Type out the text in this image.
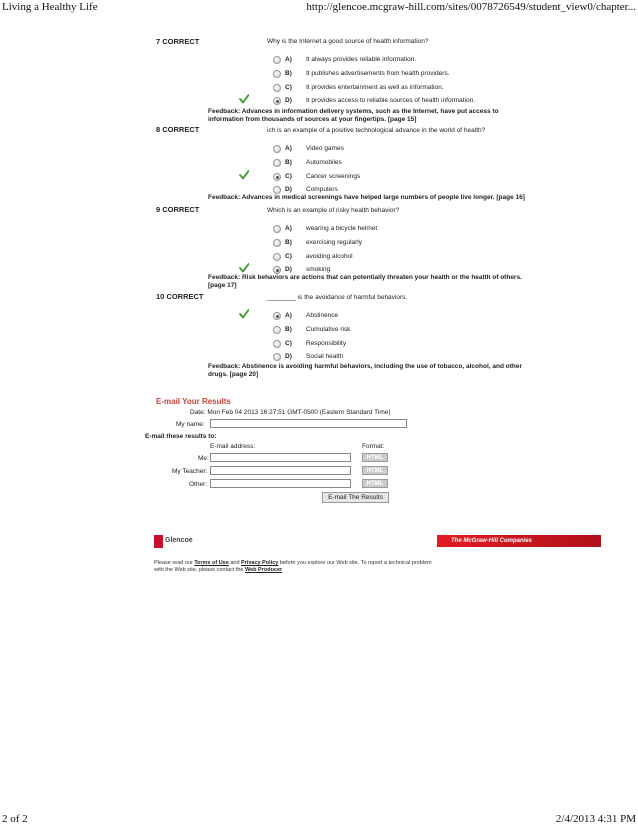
Living a Healthy Life	http://glencoe.mcgraw-hill.com/sites/0078726549/student_view0/chapter...
7 CORRECT	Why is the Internet a good source of health information?
A) It always provides reliable information.
B) It publishes advertisements from health providers.
C) It provides entertainment as well as information.
D) It provides access to reliable sources of health information.
Feedback: Advances in information delivery systems, such as the Internet, have put access to information from thousands of sources at your fingertips. [page 15]
8 CORRECT	ich is an example of a positive technological advance in the world of health?
A) Video games
B) Automobiles
C) Cancer screenings
D) Computers
Feedback: Advances in medical screenings have helped large numbers of people live longer. [page 16]
9 CORRECT	Which is an example of risky health behavior?
A) wearing a bicycle helmet
B) exercising regularly
C) avoiding alcohol
D) smoking
Feedback: Risk behaviors are actions that can potentially threaten your health or the health of others. [page 17]
10 CORRECT	________ is the avoidance of harmful behaviors.
A) Abstinence
B) Cumulative risk
C) Responsibility
D) Social health
Feedback: Abstinence is avoiding harmful behaviors, including the use of tobacco, alcohol, and other drugs. [page 20]
E-mail Your Results
Date: Mon Feb 04 2013 16:27:51 GMT-0500 (Eastern Standard Time)
My name:
E-mail these results to:
E-mail address:	Format:
Me:	HTML
My Teacher:	HTML
Other:	HTML
E-mail The Results
Glencoe	The McGraw-Hill Companies
Please read our Terms of Use and Privacy Policy before you explore our Web site. To report a technical problem with the Web site, please contact the Web Producer
2 of 2	2/4/2013 4:31 PM
